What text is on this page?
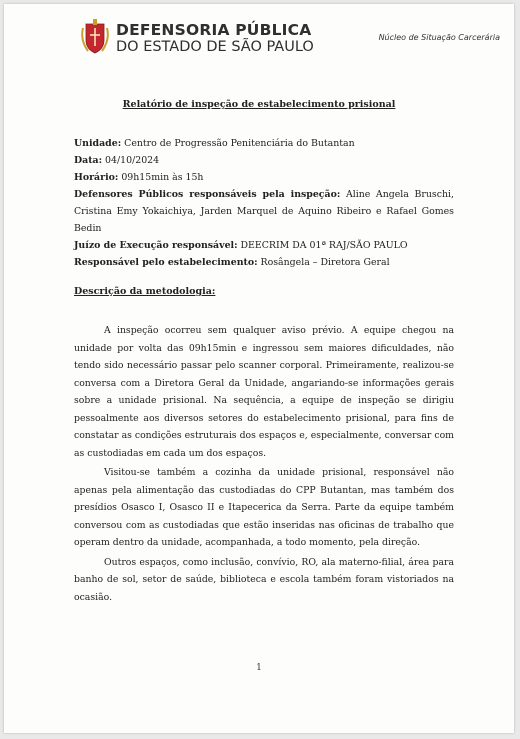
DEFENSORIA PÚBLICA
DO ESTADO DE SÃO PAULO
Núcleo de Situação Carcerária
Relatório de inspeção de estabelecimento prisional

Unidade: Centro de Progressão Penitenciária do Butantan

Data: 04/10/2024

Horário: 09h15min às 15h

Defensores Públicos responsáveis pela inspeção: Aline Angela Bruschi, Cristina Emy Yokaichiya, Jarden Marquel de Aquino Ribeiro e Rafael Gomes Bedin

Juízo de Execução responsável: DEECRIM DA 01ª RAJ/SÃO PAULO

Responsável pelo estabelecimento: Rosângela – Diretora Geral

Descrição da metodologia:

A inspeção ocorreu sem qualquer aviso prévio. A equipe chegou na unidade por volta das 09h15min e ingressou sem maiores dificuldades, não tendo sido necessário passar pelo scanner corporal. Primeiramente, realizou-se conversa com a Diretora Geral da Unidade, angariando-se informações gerais sobre a unidade prisional. Na sequência, a equipe de inspeção se dirigiu pessoalmente aos diversos setores do estabelecimento prisional, para fins de constatar as condições estruturais dos espaços e, especialmente, conversar com as custodiadas em cada um dos espaços.

Visitou-se também a cozinha da unidade prisional, responsável não apenas pela alimentação das custodiadas do CPP Butantan, mas também dos presídios Osasco I, Osasco II e Itapecerica da Serra. Parte da equipe também conversou com as custodiadas que estão inseridas nas oficinas de trabalho que operam dentro da unidade, acompanhada, a todo momento, pela direção.

Outros espaços, como inclusão, convívio, RO, ala materno-filial, área para banho de sol, setor de saúde, biblioteca e escola também foram vistoriados na ocasião.

1
